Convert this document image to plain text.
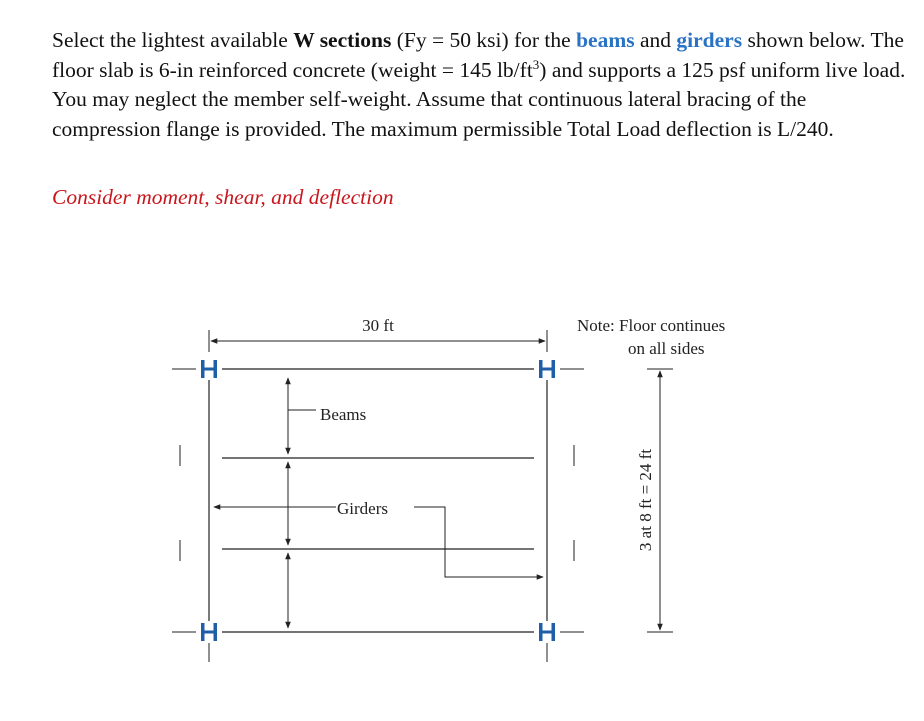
Select the lightest available W sections (Fy = 50 ksi) for the beams and girders shown below. The floor slab is 6-in reinforced concrete (weight = 145 $lb/ft^3$) and supports a 125 psf uniform live load. You may neglect the member self-weight. Assume that continuous lateral bracing of the compression flange is provided. The maximum permissible Total Load deflection is L/240.

Consider moment, shear, and deflection

30 ft	Note: Floor continues
on all sides
Beams
Girders	3 at 8 ft = 24 ft
